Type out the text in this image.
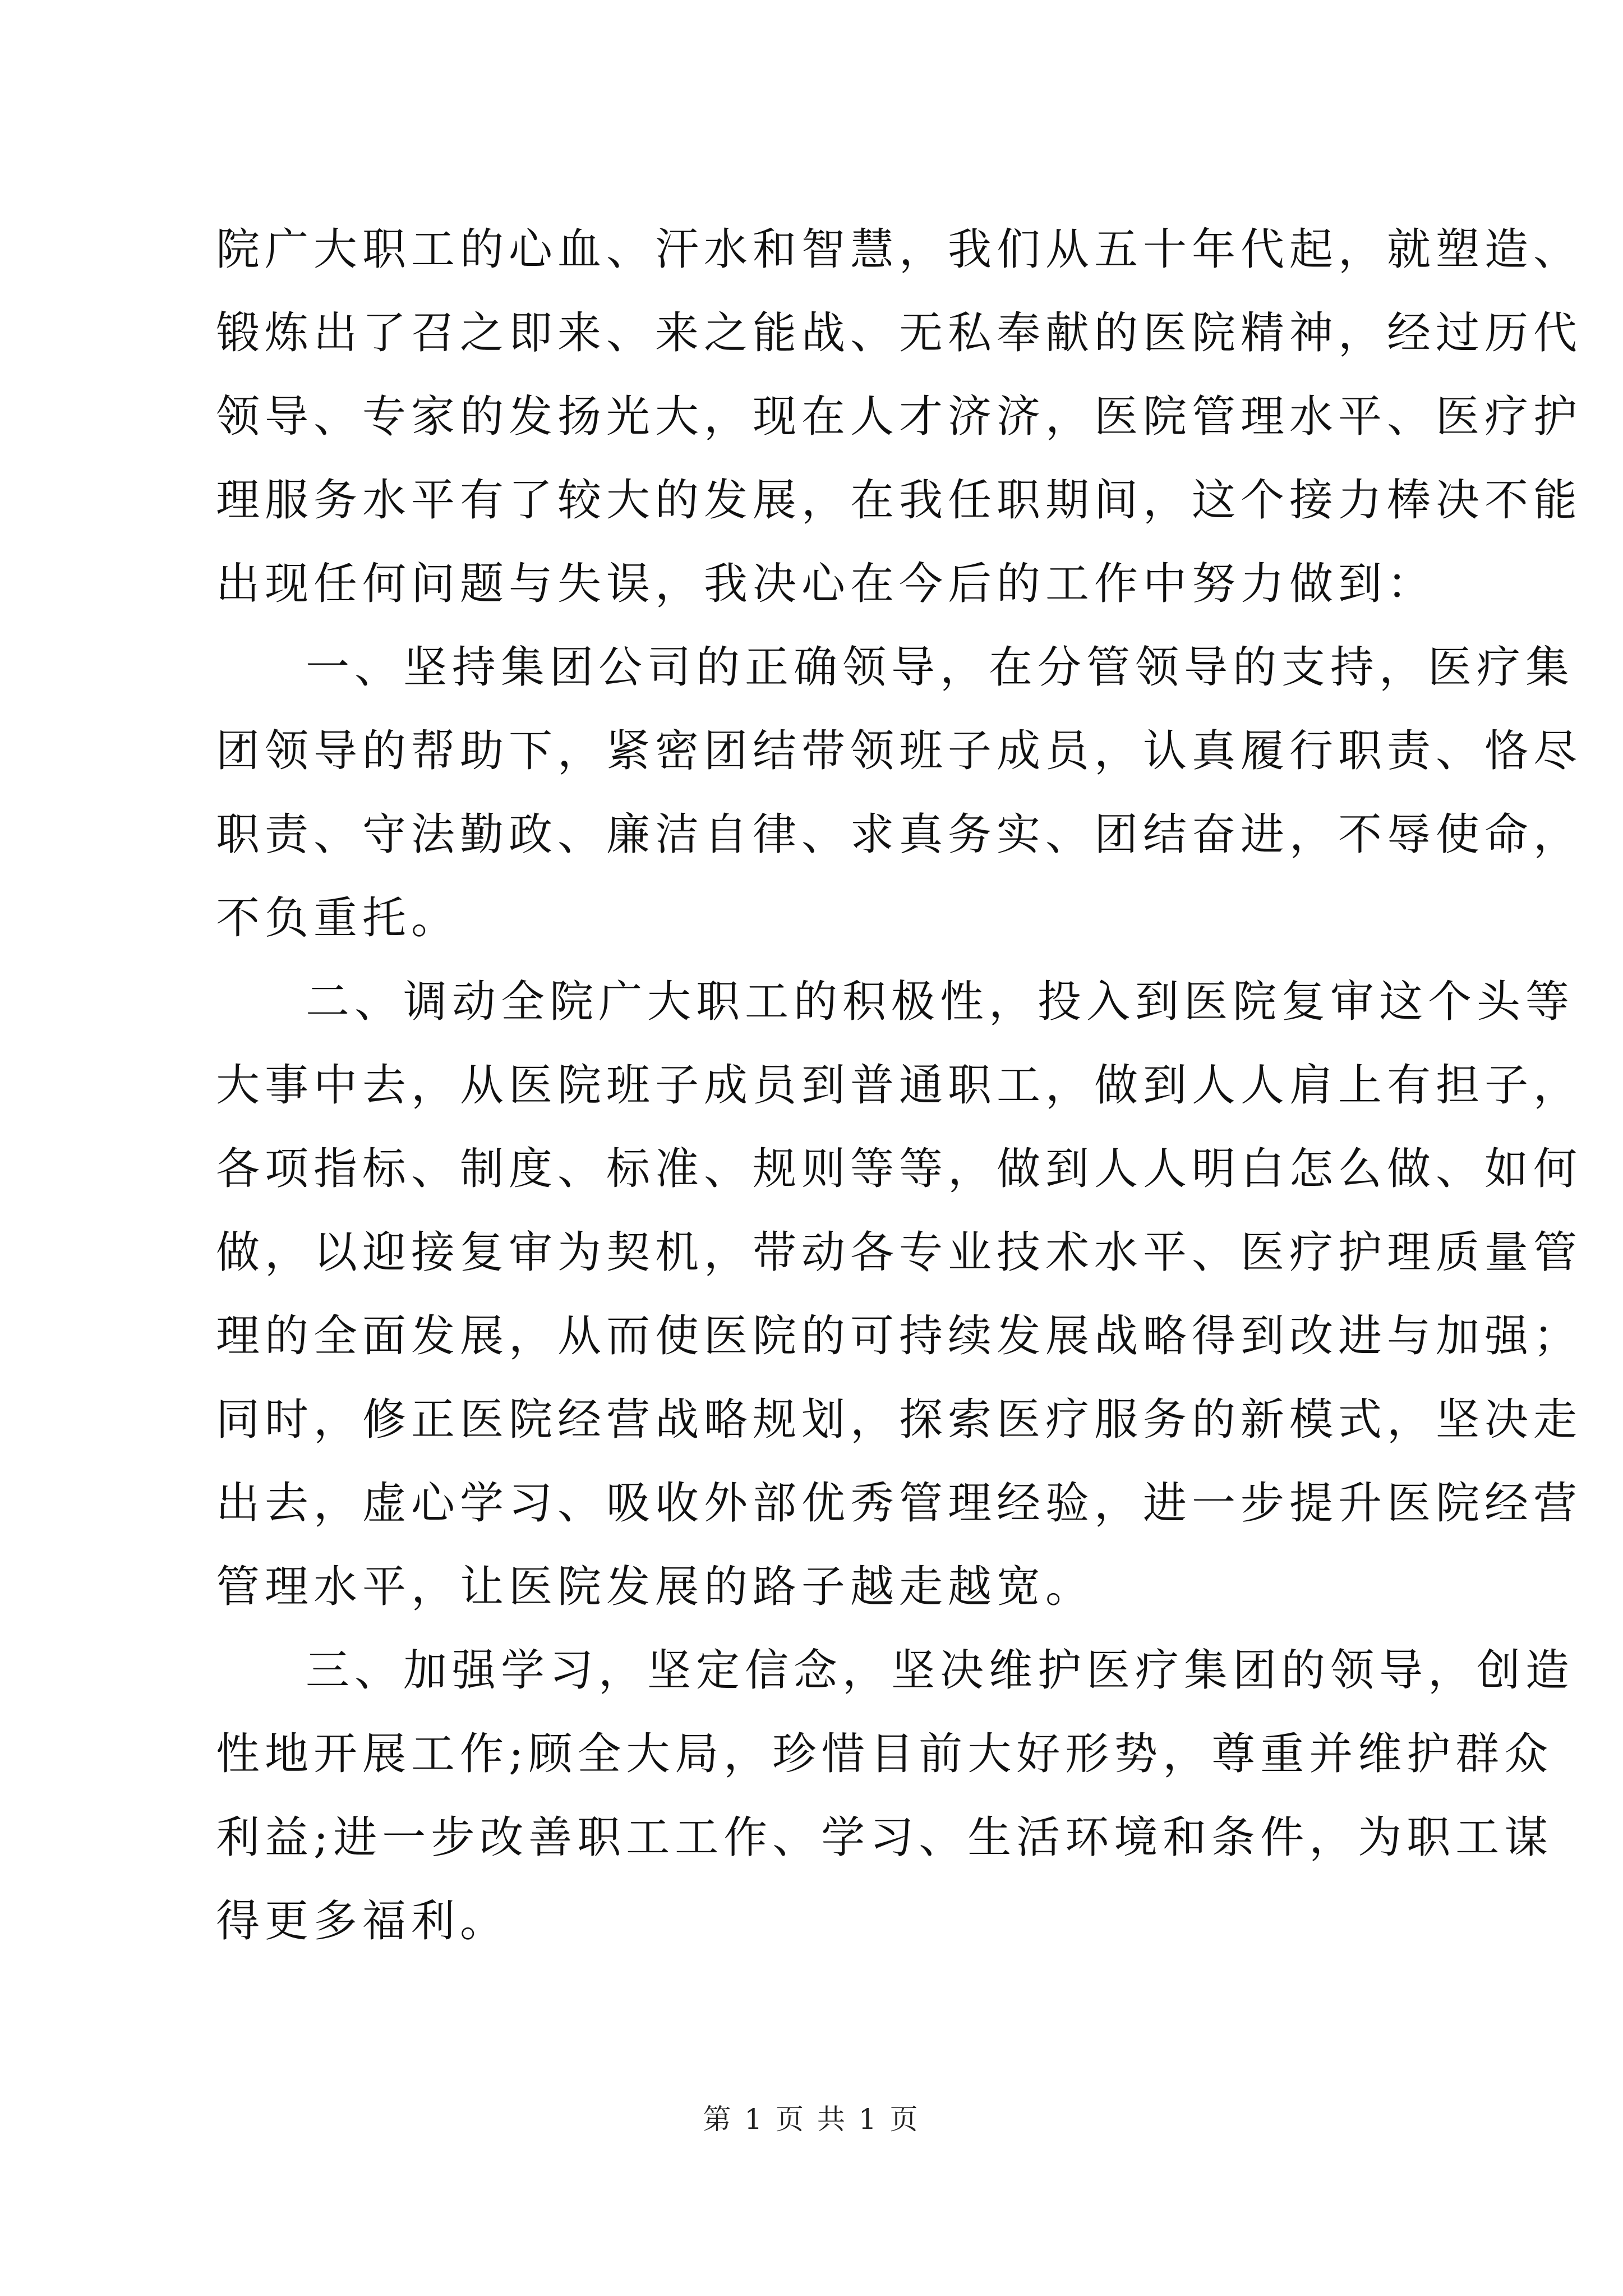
院广大职工的心血、汗水和智慧，我们从五十年代起，就塑造、
锻炼出了召之即来、来之能战、无私奉献的医院精神，经过历代
领导、专家的发扬光大，现在人才济济，医院管理水平、医疗护
理服务水平有了较大的发展，在我任职期间，这个接力棒决不能
出现任何问题与失误，我决心在今后的工作中努力做到：
一、坚持集团公司的正确领导，在分管领导的支持，医疗集
团领导的帮助下，紧密团结带领班子成员，认真履行职责、恪尽
职责、守法勤政、廉洁自律、求真务实、团结奋进，不辱使命，
不负重托。
二、调动全院广大职工的积极性，投入到医院复审这个头等
大事中去，从医院班子成员到普通职工，做到人人肩上有担子，
各项指标、制度、标准、规则等等，做到人人明白怎么做、如何
做，以迎接复审为契机，带动各专业技术水平、医疗护理质量管
理的全面发展，从而使医院的可持续发展战略得到改进与加强；
同时，修正医院经营战略规划，探索医疗服务的新模式，坚决走
出去，虚心学习、吸收外部优秀管理经验，进一步提升医院经营
管理水平，让医院发展的路子越走越宽。
三、加强学习，坚定信念，坚决维护医疗集团的领导，创造
性地开展工作;顾全大局，珍惜目前大好形势，尊重并维护群众
利益;进一步改善职工工作、学习、生活环境和条件，为职工谋
得更多福利。
第 1 页 共 1 页
